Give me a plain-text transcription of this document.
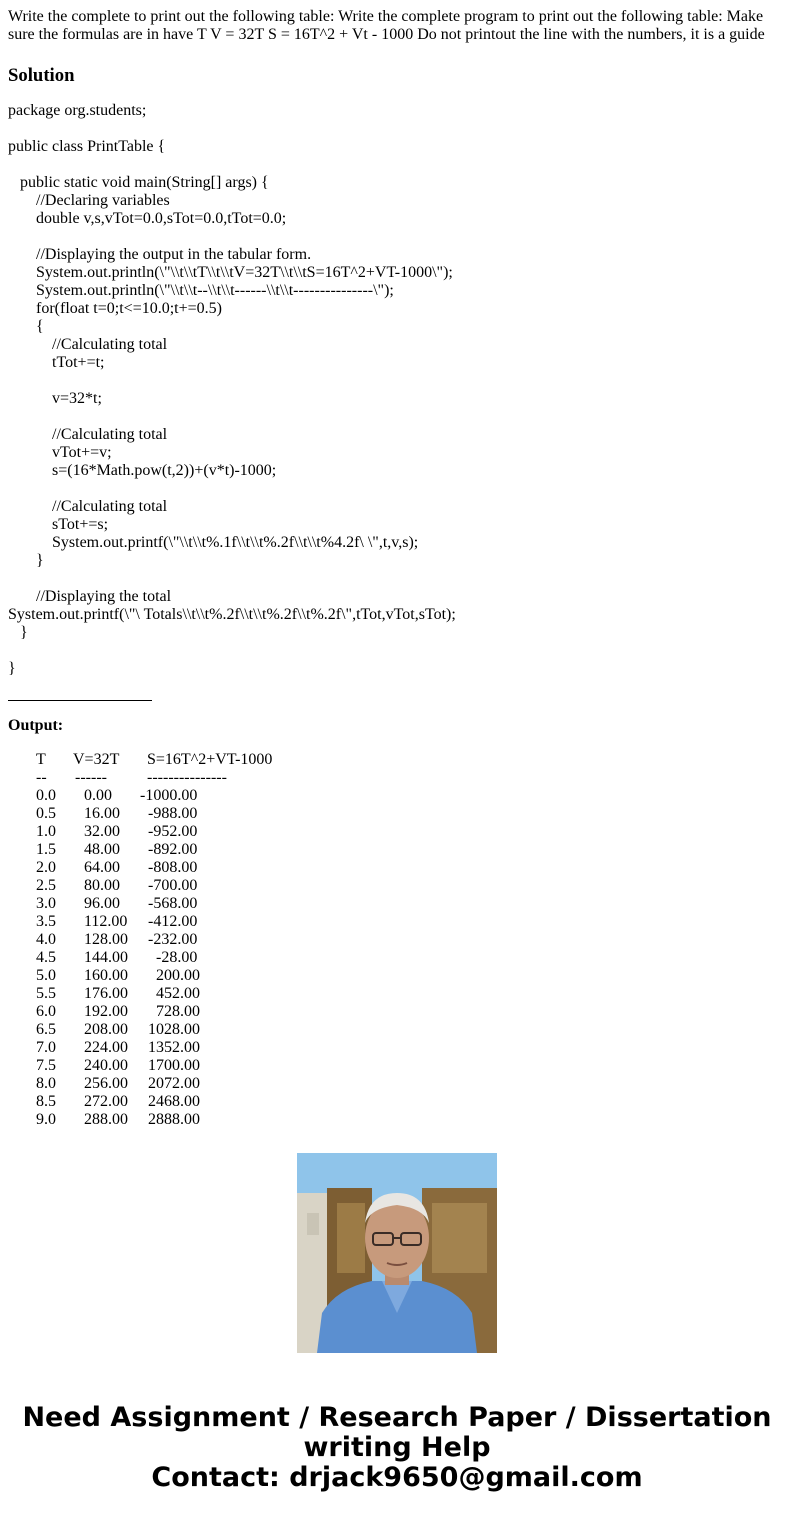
Write the complete to print out the following table: Write the complete program to print out the following table: Make sure the formulas are in have T V = 32T S = 16T^2 + Vt - 1000 Do not printout the line with the numbers, it is a guide

Solution
package org.students;
public class PrintTable {
public static void main(String[] args) {
//Declaring variables
double v,s,vTot=0.0,sTot=0.0,tTot=0.0;
//Displaying the output in the tabular form.
System.out.println(\"\\t\\tT\\t\\tV=32T\\t\\tS=16T^2+VT-1000\");
System.out.println(\"\\t\\t--\\t\\t------\\t\\t---------------\");
for(float t=0;t<=10.0;t+=0.5)
{
//Calculating total
tTot+=t;
v=32*t;
//Calculating total
vTot+=v;
s=(16*Math.pow(t,2))+(v*t)-1000;
//Calculating total
sTot+=s;
System.out.printf(\"\\t\\t%.1f\\t\\t%.2f\\t\\t%4.2f\ \",t,v,s);
}
//Displaying the total
System.out.printf(\"\ Totals\\t\\t%.2f\\t\\t%.2f\\t%.2f\",tTot,vTot,sTot);
}
}
Output:

T

V=32T

S=16T^2+VT-1000

--

------

	---------------

0.0 0.00 -1000.00
0.5 16.00 -988.00
1.0 32.00 -952.00
1.5 48.00 -892.00
2.0 64.00 -808.00
2.5 80.00 -700.00
3.0 96.00 -568.00
3.5 112.00 -412.00
4.0 128.00 -232.00
4.5 144.00 -28.00
5.0 160.00 200.00
5.5 176.00 452.00
6.0 192.00 728.00
6.5 208.00 1028.00
7.0 224.00 1352.00
7.5 240.00 1700.00
8.0 256.00 2072.00
8.5 272.00 2468.00
9.0 288.00 2888.00
Need Assignment / Research Paper / Dissertation
writing Help
Contact: drjack9650@gmail.com
